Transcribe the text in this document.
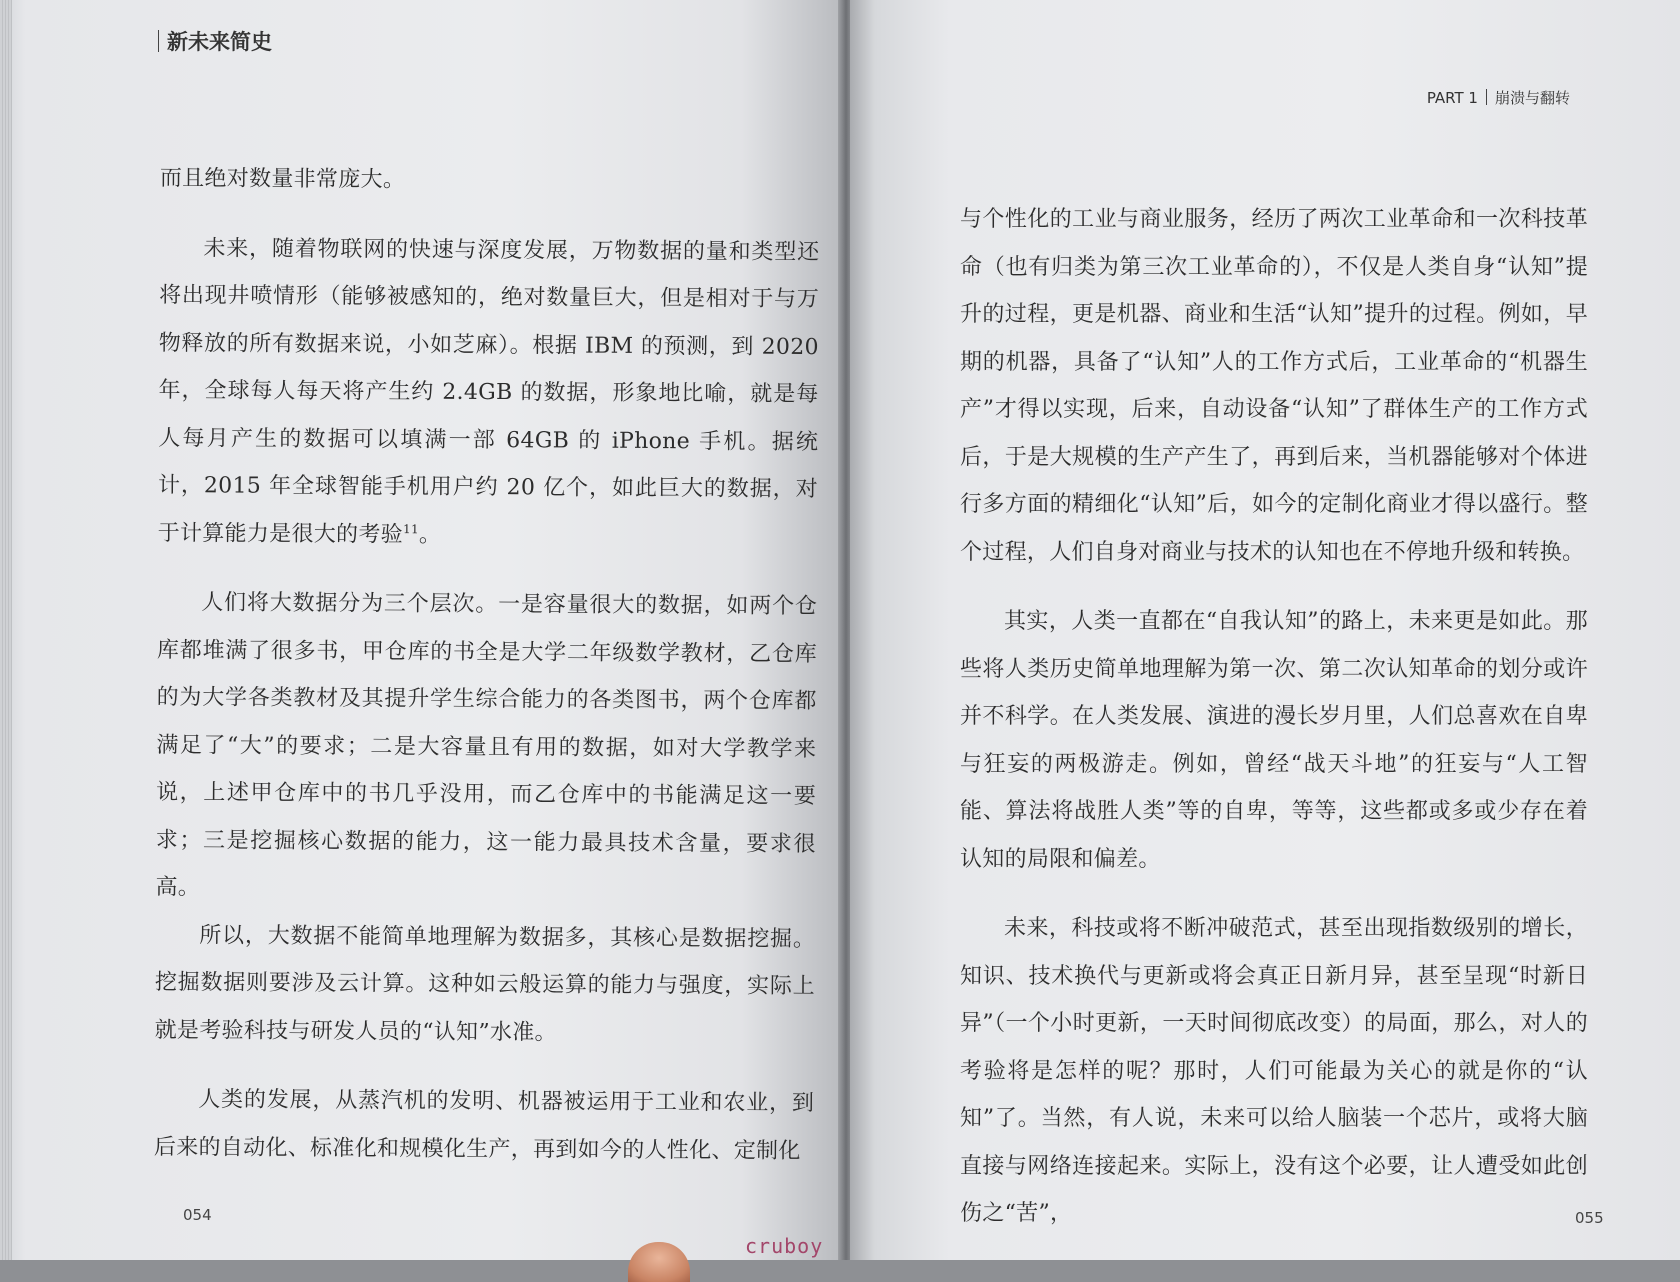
新未来简史

而且绝对数量非常庞大。

未来，随着物联网的快速与深度发展，万物数据的量和类型还将出现井喷情形（能够被感知的，绝对数量巨大，但是相对于与万物释放的所有数据来说，小如芝麻）。根据 IBM 的预测，到 2020 年，全球每人每天将产生约 2.4GB 的数据，形象地比喻，就是每人每月产生的数据可以填满一部 64GB 的 iPhone 手机。据统计，2015 年全球智能手机用户约 20 亿个，如此巨大的数据，对于计算能力是很大的考验$^{11}$。

人们将大数据分为三个层次。一是容量很大的数据，如两个仓库都堆满了很多书，甲仓库的书全是大学二年级数学教材，乙仓库的为大学各类教材及其提升学生综合能力的各类图书，两个仓库都满足了“大”的要求；二是大容量且有用的数据，如对大学教学来说，上述甲仓库中的书几乎没用，而乙仓库中的书能满足这一要求；三是挖掘核心数据的能力，这一能力最具技术含量，要求很高。

所以，大数据不能简单地理解为数据多，其核心是数据挖掘。挖掘数据则要涉及云计算。这种如云般运算的能力与强度，实际上就是考验科技与研发人员的“认知”水准。

人类的发展，从蒸汽机的发明、机器被运用于工业和农业，到后来的自动化、标准化和规模化生产，再到如今的人性化、定制化

054
PART 1 崩溃与翻转

与个性化的工业与商业服务，经历了两次工业革命和一次科技革命（也有归类为第三次工业革命的），不仅是人类自身“认知”提升的过程，更是机器、商业和生活“认知”提升的过程。例如，早期的机器，具备了“认知”人的工作方式后，工业革命的“机器生产”才得以实现，后来，自动设备“认知”了群体生产的工作方式后，于是大规模的生产产生了，再到后来，当机器能够对个体进行多方面的精细化“认知”后，如今的定制化商业才得以盛行。整个过程，人们自身对商业与技术的认知也在不停地升级和转换。

其实，人类一直都在“自我认知”的路上，未来更是如此。那些将人类历史简单地理解为第一次、第二次认知革命的划分或许并不科学。在人类发展、演进的漫长岁月里，人们总喜欢在自卑与狂妄的两极游走。例如，曾经“战天斗地”的狂妄与“人工智能、算法将战胜人类”等的自卑，等等，这些都或多或少存在着认知的局限和偏差。

未来，科技或将不断冲破范式，甚至出现指数级别的增长，知识、技术换代与更新或将会真正日新月异，甚至呈现“时新日异”（一个小时更新，一天时间彻底改变）的局面，那么，对人的考验将是怎样的呢？那时，人们可能最为关心的就是你的“认知”了。当然，有人说，未来可以给人脑装一个芯片，或将大脑直接与网络连接起来。实际上，没有这个必要，让人遭受如此创伤之“苦”，	055
cruboy
